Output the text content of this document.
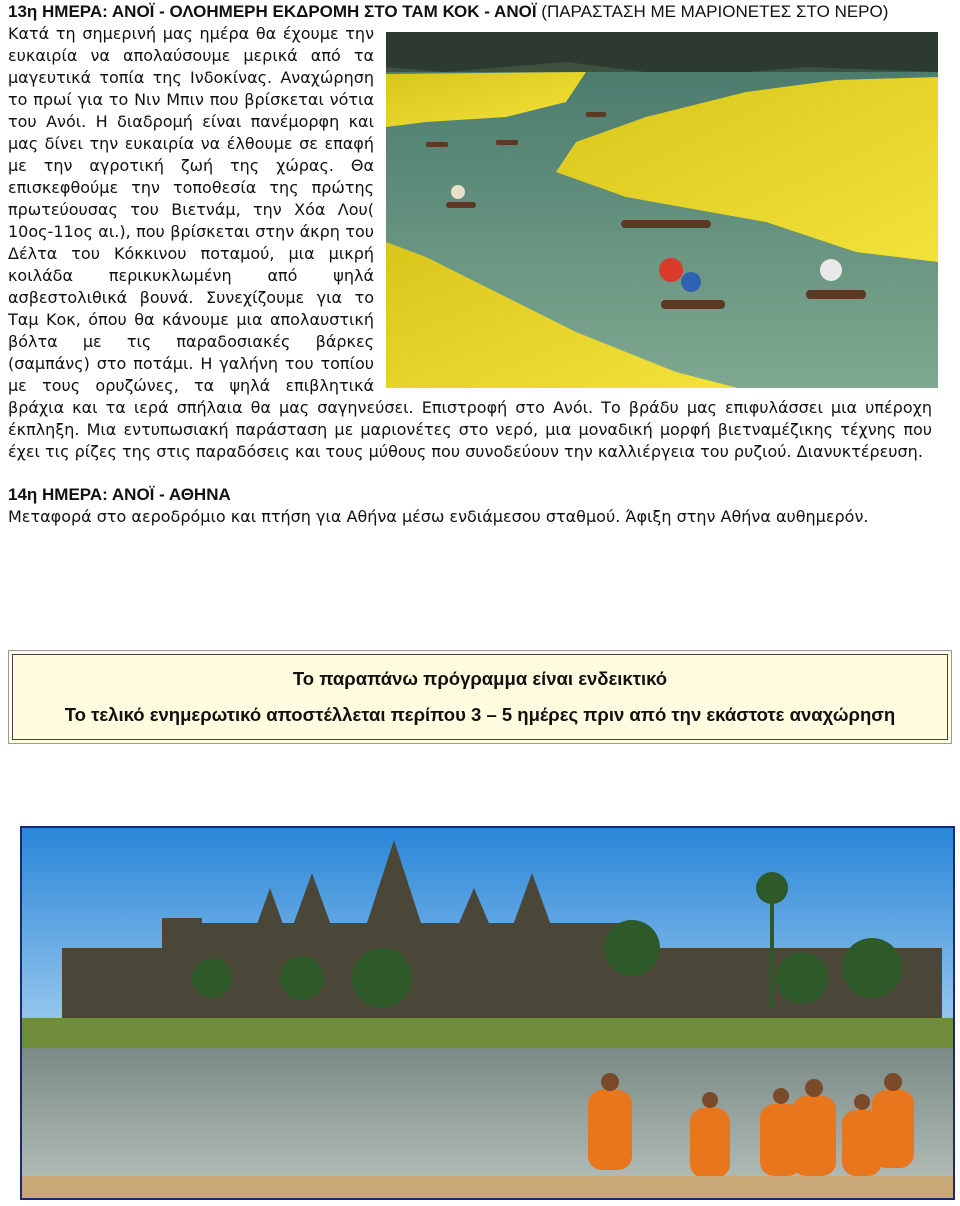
13η ΗΜΕΡΑ: ΑΝΟΪ - ΟΛΟΗΜΕΡΗ ΕΚΔΡΟΜΗ ΣΤΟ ΤΑΜ ΚΟΚ - ΑΝΟΪ (ΠΑΡΑΣΤΑΣΗ ΜΕ ΜΑΡΙΟΝΕΤΕΣ ΣΤΟ ΝΕΡΟ)

Κατά τη σημερινή μας ημέρα θα έχουμε την ευκαιρία να απολαύσουμε μερικά από τα μαγευτικά τοπία της Ινδοκίνας. Αναχώρηση το πρωί για το Νιν Μπιν που βρίσκεται νότια του Ανόι. Η διαδρομή είναι πανέμορφη και μας δίνει την ευκαιρία να έλθουμε σε επαφή με την αγροτική ζωή της χώρας. Θα επισκεφθούμε την τοποθεσία της πρώτης πρωτεύουσας του Βιετνάμ, την Χόα Λου( 10ος-11ος αι.), που βρίσκεται στην άκρη του Δέλτα του Κόκκινου ποταμού, μια μικρή κοιλάδα περικυκλωμένη από ψηλά ασβεστολιθικά βουνά. Συνεχίζουμε για το Ταμ Κοκ, όπου θα κάνουμε μια απολαυστική βόλτα με τις παραδοσιακές βάρκες (σαμπάνς) στο ποτάμι. Η γαλήνη του τοπίου με τους ορυζώνες, τα ψηλά επιβλητικά βράχια και τα ιερά σπήλαια θα μας σαγηνεύσει. Επιστροφή στο Ανόι. Το βράδυ μας επιφυλάσσει μια υπέροχη έκπληξη. Μια εντυπωσιακή παράσταση με μαριονέτες στο νερό, μια μοναδική μορφή βιετναμέζικης τέχνης που έχει τις ρίζες της στις παραδόσεις και τους μύθους που συνοδεύουν την καλλιέργεια του ρυζιού. Διανυκτέρευση.

14η ΗΜΕΡΑ: ΑΝΟΪ - ΑΘΗΝΑ

Μεταφορά στο αεροδρόμιο και πτήση για Αθήνα μέσω ενδιάμεσου σταθμού. Άφιξη στην Αθήνα αυθημερόν.

Το παραπάνω πρόγραμμα είναι ενδεικτικό

Το τελικό ενημερωτικό αποστέλλεται περίπου 3 – 5 ημέρες πριν από την εκάστοτε αναχώρηση
